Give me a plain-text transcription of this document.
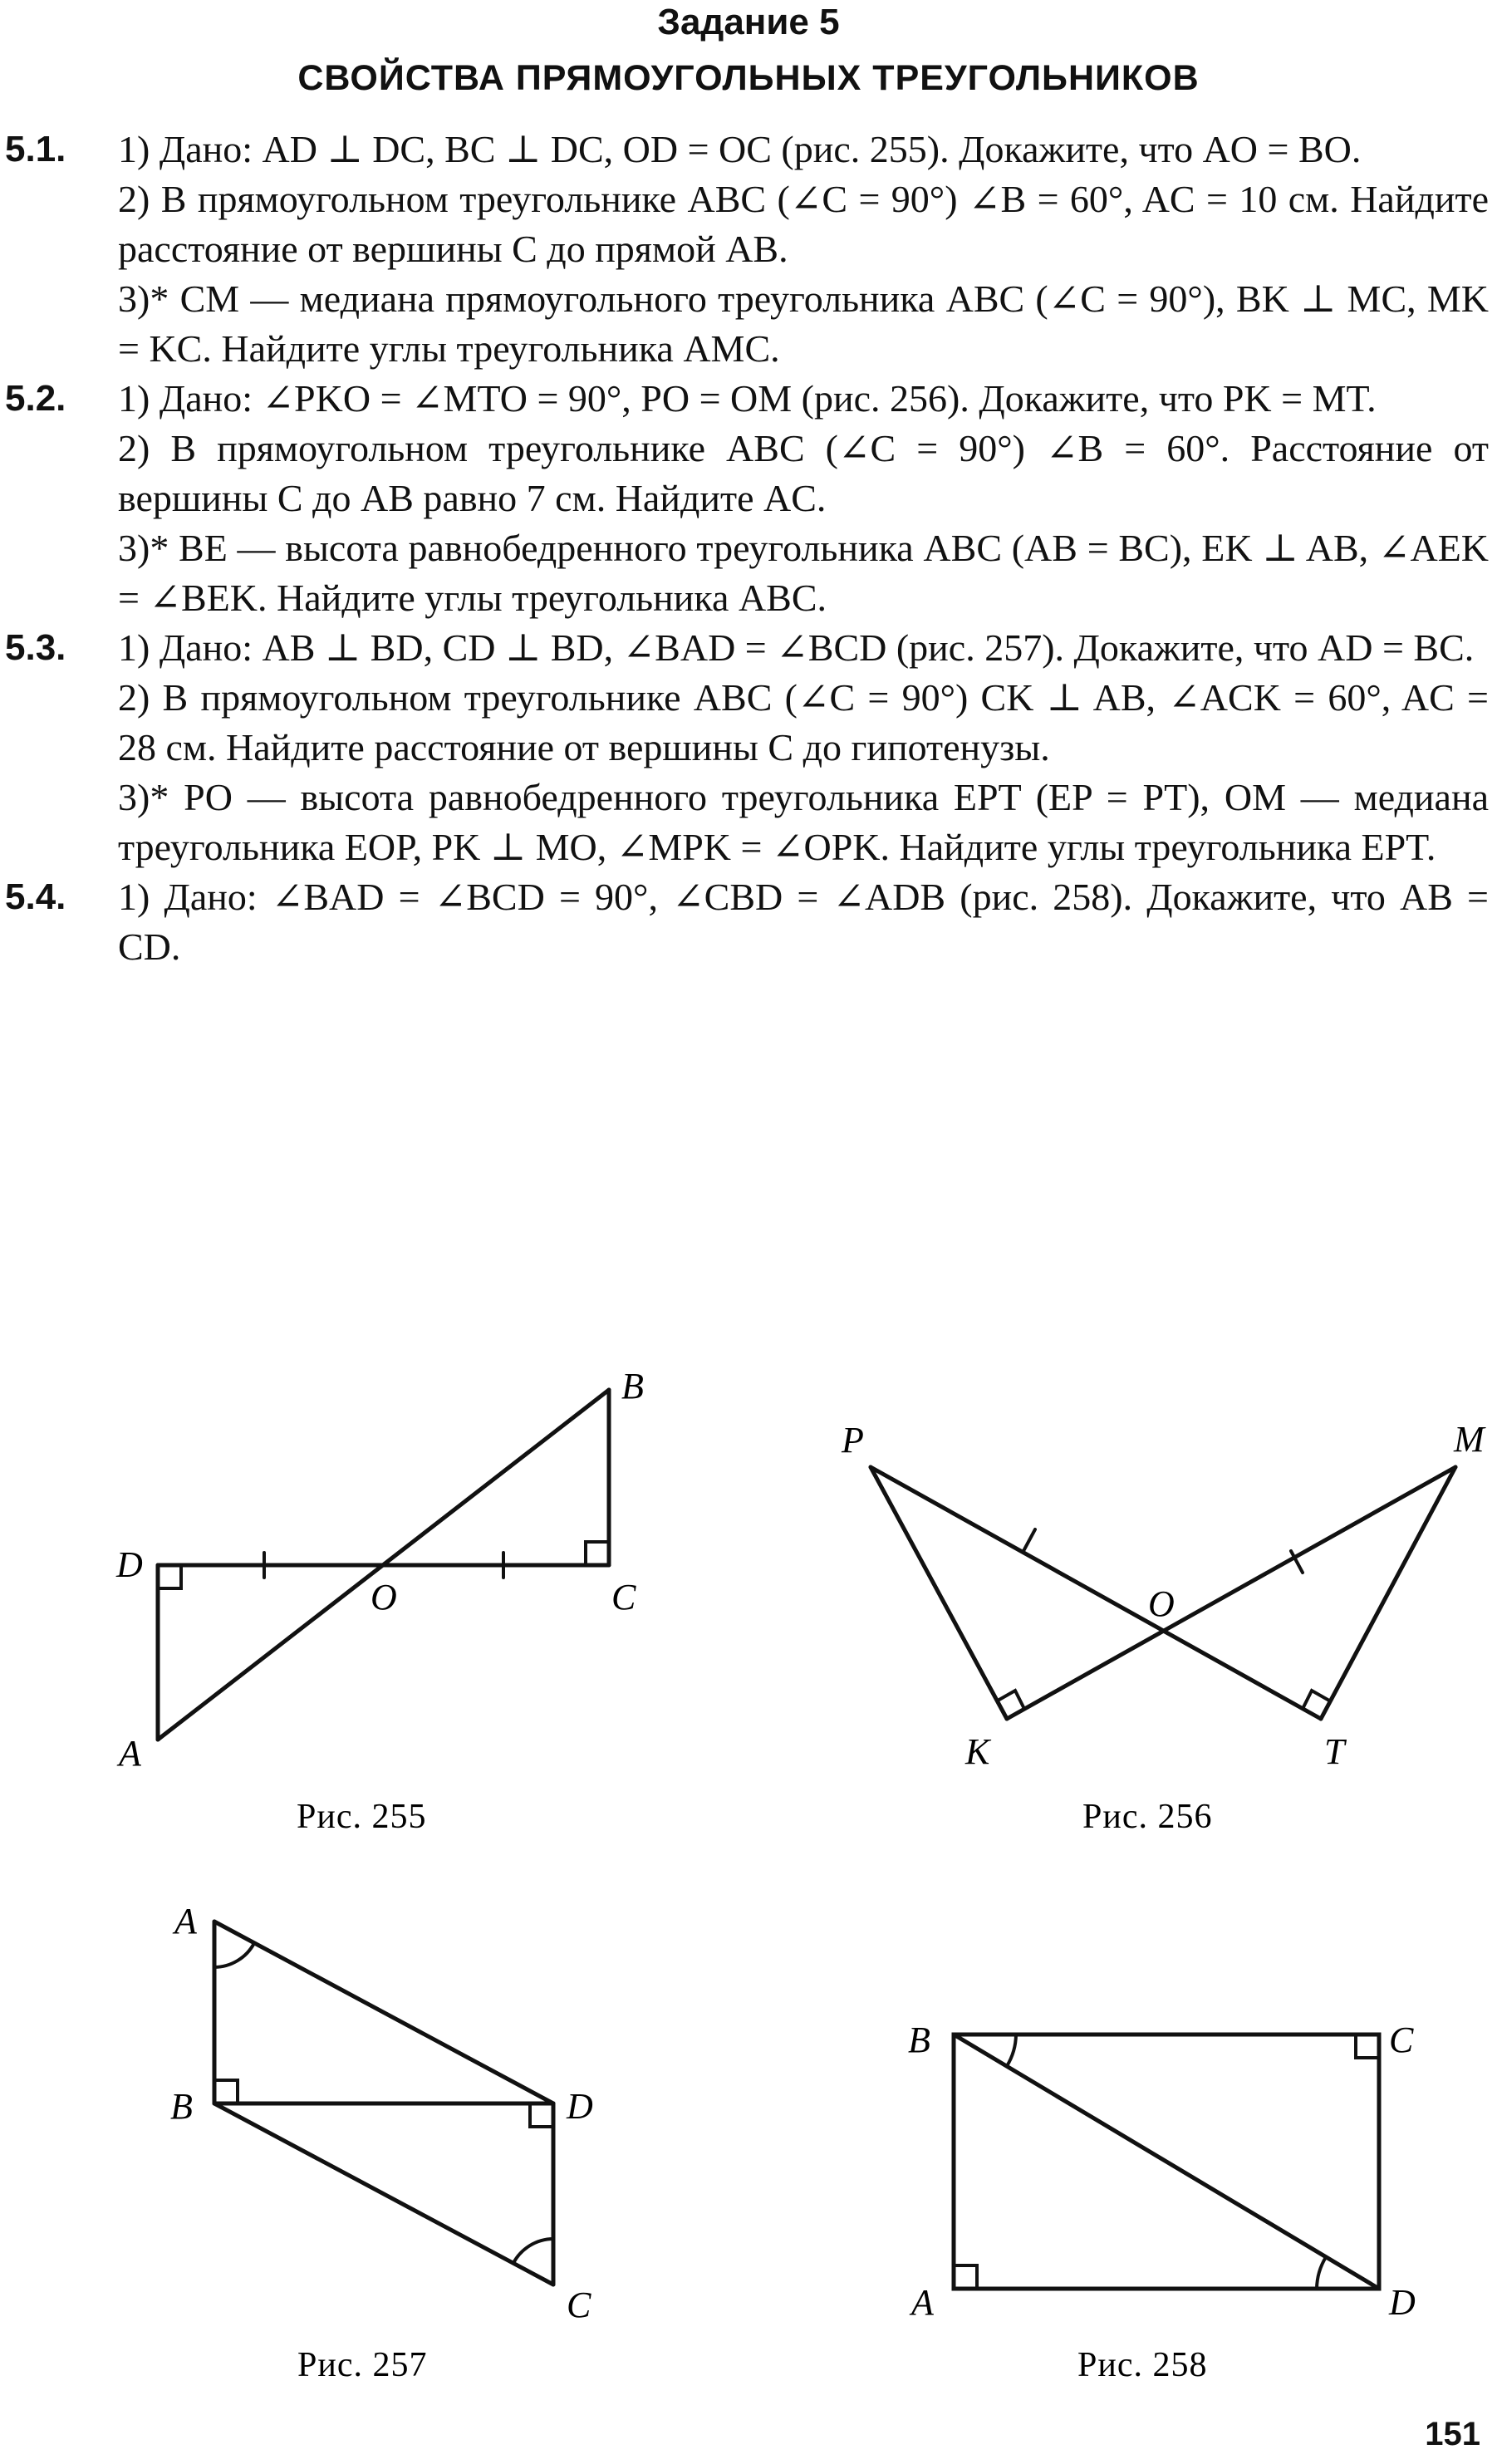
Задание 5
СВОЙСТВА ПРЯМОУГОЛЬНЫХ ТРЕУГОЛЬНИКОВ
5.1. 1) Дано: AD ⊥ DC, BC ⊥ DC, OD = OC (рис. 255). Докажите, что AO = BO.
2) В прямоугольном треугольнике ABC (∠C = 90°) ∠B = 60°, AC = 10 см. Найдите расстояние от вершины C до прямой AB.
3)* CM — медиана прямоугольного треугольника ABC (∠C = 90°), BK ⊥ MC, MK = KC. Найдите углы треугольника AMC.
5.2. 1) Дано: ∠PKO = ∠MTO = 90°, PO = OM (рис. 256). Докажите, что PK = MT.
2) В прямоугольном треугольнике ABC (∠C = 90°) ∠B = 60°. Расстояние от вершины C до AB равно 7 см. Найдите AC.
3)* BE — высота равнобедренного треугольника ABC (AB = BC), EK ⊥ AB, ∠AEK = ∠BEK. Найдите углы треугольника ABC.
5.3. 1) Дано: AB ⊥ BD, CD ⊥ BD, ∠BAD = ∠BCD (рис. 257). Докажите, что AD = BC.
2) В прямоугольном треугольнике ABC (∠C = 90°) CK ⊥ AB, ∠ACK = 60°, AC = 28 см. Найдите расстояние от вершины C до гипотенузы.
3)* PO — высота равнобедренного треугольника EPT (EP = PT), OM — медиана треугольника EOP, PK ⊥ MO, ∠MPK = ∠OPK. Найдите углы треугольника EPT.
5.4. 1) Дано: ∠BAD = ∠BCD = 90°, ∠CBD = ∠ADB (рис. 258). Докажите, что AB = CD.
D
O	C
B
A
Рис. 255
P	M
O
K	T
Рис. 256
A
B	D
C
Рис. 257
B	C
A	D
Рис. 258
151
